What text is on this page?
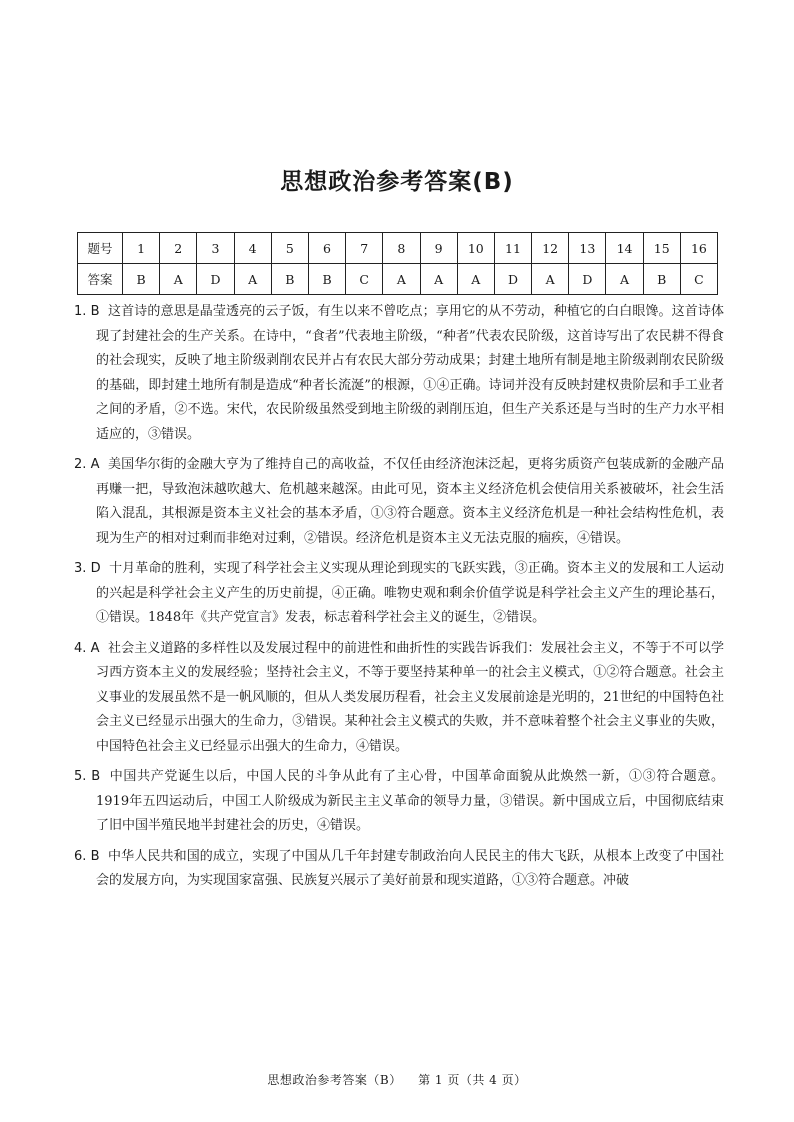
思想政治参考答案(B)
题号	1	2	3	4	5	6	7	8	9	10	11	12	13	14	15	16
答案	B	A	D	A	B	B	C	A	A	A	D	A	D	A	B	C

1. B 这首诗的意思是晶莹透亮的云子饭，有生以来不曾吃点；享用它的从不劳动，种植它的白白眼馋。这首诗体现了封建社会的生产关系。在诗中，“食者”代表地主阶级，“种者”代表农民阶级，这首诗写出了农民耕不得食的社会现实，反映了地主阶级剥削农民并占有农民大部分劳动成果；封建土地所有制是地主阶级剥削农民阶级的基础，即封建土地所有制是造成“种者长流涎”的根源，①④正确。诗词并没有反映封建权贵阶层和手工业者之间的矛盾，②不选。宋代，农民阶级虽然受到地主阶级的剥削压迫，但生产关系还是与当时的生产力水平相适应的，③错误。

2. A 美国华尔街的金融大亨为了维持自己的高收益，不仅任由经济泡沫泛起，更将劣质资产包装成新的金融产品再赚一把，导致泡沫越吹越大、危机越来越深。由此可见，资本主义经济危机会使信用关系被破坏，社会生活陷入混乱，其根源是资本主义社会的基本矛盾，①③符合题意。资本主义经济危机是一种社会结构性危机，表现为生产的相对过剩而非绝对过剩，②错误。经济危机是资本主义无法克服的痼疾，④错误。

3. D 十月革命的胜利，实现了科学社会主义实现从理论到现实的飞跃实践，③正确。资本主义的发展和工人运动的兴起是科学社会主义产生的历史前提，④正确。唯物史观和剩余价值学说是科学社会主义产生的理论基石，①错误。1848年《共产党宣言》发表，标志着科学社会主义的诞生，②错误。

4. A 社会主义道路的多样性以及发展过程中的前进性和曲折性的实践告诉我们：发展社会主义，不等于不可以学习西方资本主义的发展经验；坚持社会主义，不等于要坚持某种单一的社会主义模式，①②符合题意。社会主义事业的发展虽然不是一帆风顺的，但从人类发展历程看，社会主义发展前途是光明的，21世纪的中国特色社会主义已经显示出强大的生命力，③错误。某种社会主义模式的失败，并不意味着整个社会主义事业的失败，中国特色社会主义已经显示出强大的生命力，④错误。

5. B 中国共产党诞生以后，中国人民的斗争从此有了主心骨，中国革命面貌从此焕然一新，①③符合题意。1919年五四运动后，中国工人阶级成为新民主主义革命的领导力量，③错误。新中国成立后，中国彻底结束了旧中国半殖民地半封建社会的历史，④错误。

6. B 中华人民共和国的成立，实现了中国从几千年封建专制政治向人民民主的伟大飞跃，从根本上改变了中国社会的发展方向，为实现国家富强、民族复兴展示了美好前景和现实道路，①③符合题意。冲破

思想政治参考答案（B） 第 1 页（共 4 页）
